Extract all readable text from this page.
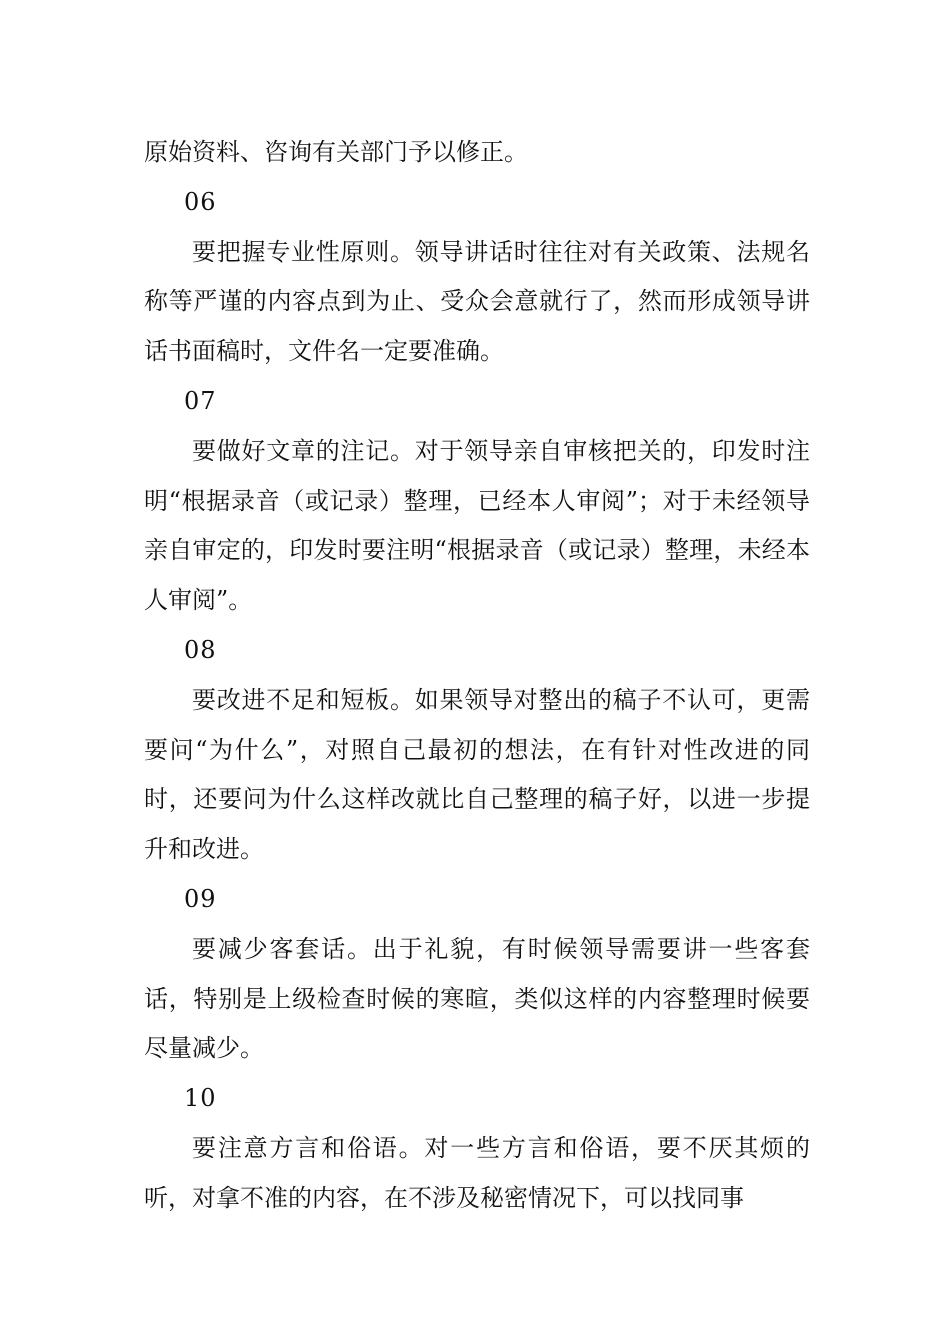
原始资料、咨询有关部门予以修正。

06

要把握专业性原则。领导讲话时往往对有关政策、法规名称等严谨的内容点到为止、受众会意就行了，然而形成领导讲话书面稿时，文件名一定要准确。

07

要做好文章的注记。对于领导亲自审核把关的，印发时注明“根据录音（或记录）整理，已经本人审阅”；对于未经领导亲自审定的，印发时要注明“根据录音（或记录）整理，未经本人审阅”。

08

要改进不足和短板。如果领导对整出的稿子不认可，更需要问“为什么”，对照自己最初的想法，在有针对性改进的同时，还要问为什么这样改就比自己整理的稿子好，以进一步提升和改进。

09

要减少客套话。出于礼貌，有时候领导需要讲一些客套话，特别是上级检查时候的寒暄，类似这样的内容整理时候要尽量减少。

10

要注意方言和俗语。对一些方言和俗语，要不厌其烦的听，对拿不准的内容，在不涉及秘密情况下，可以找同事
